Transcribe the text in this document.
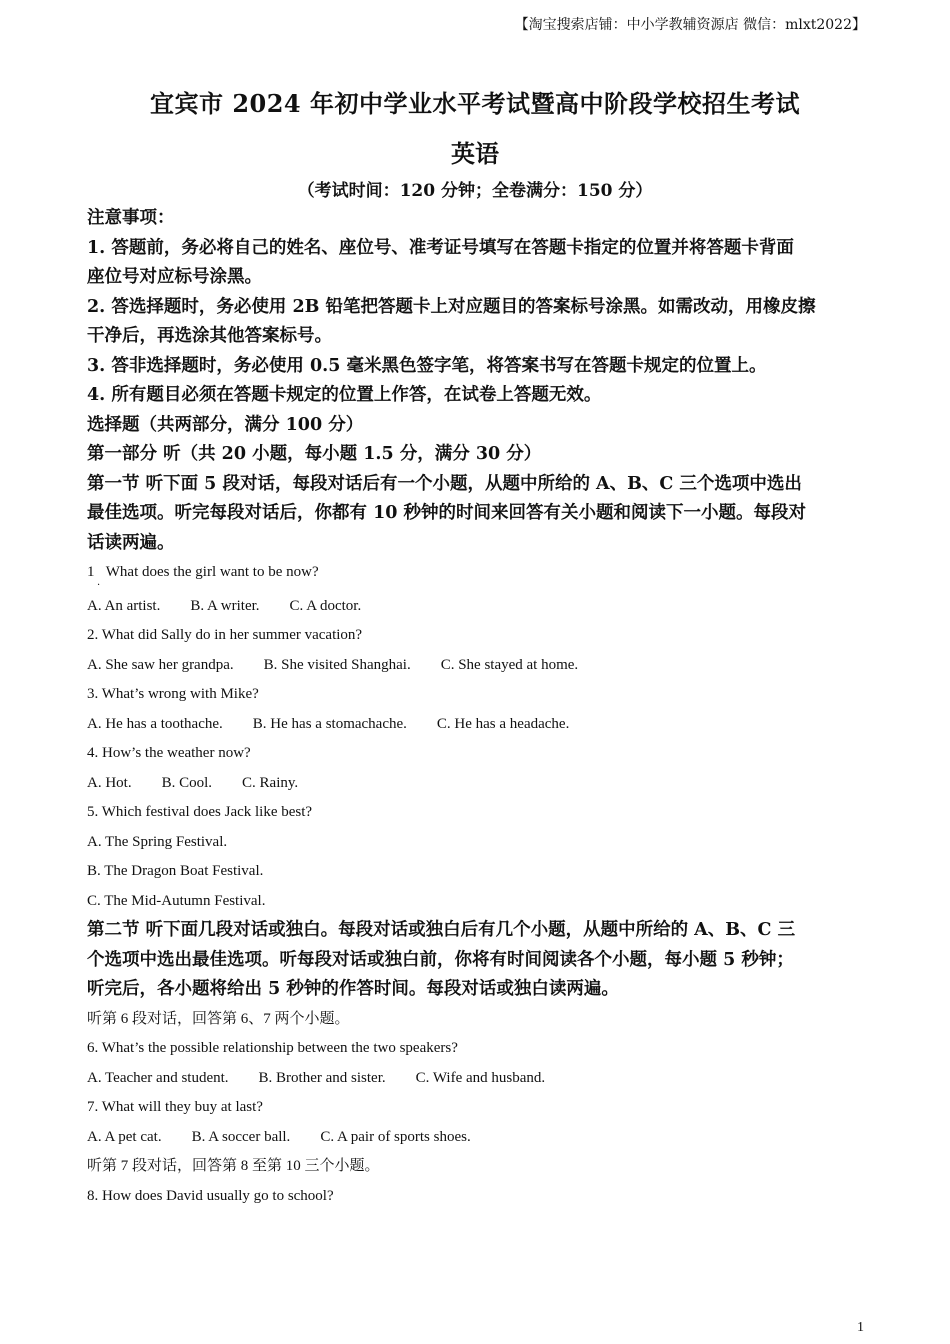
【淘宝搜索店铺：中小学教辅资源店 微信：mlxt2022】
宜宾市 2024 年初中学业水平考试暨高中阶段学校招生考试
英语
（考试时间：120 分钟；全卷满分：150 分）

注意事项：

1. 答题前，务必将自己的姓名、座位号、准考证号填写在答题卡指定的位置并将答题卡背面

座位号对应标号涂黑。

2. 答选择题时，务必使用 2B 铅笔把答题卡上对应题目的答案标号涂黑。如需改动，用橡皮擦

干净后，再选涂其他答案标号。

3. 答非选择题时，务必使用 0.5 毫米黑色签字笔，将答案书写在答题卡规定的位置上。

4. 所有题目必须在答题卡规定的位置上作答，在试卷上答题无效。

选择题（共两部分，满分 100 分）

第一部分 听（共 20 小题，每小题 1.5 分，满分 30 分）

第一节 听下面 5 段对话，每段对话后有一个小题，从题中所给的 A、B、C 三个选项中选出

最佳选项。听完每段对话后，你都有 10 秒钟的时间来回答有关小题和阅读下一小题。每段对

话读两遍。

1 What does the girl want to be now?

·

A. An artist. B. A writer. C. A doctor.

2. What did Sally do in her summer vacation?

A. She saw her grandpa. B. She visited Shanghai. C. She stayed at home.

3. What’s wrong with Mike?

A. He has a toothache. B. He has a stomachache. C. He has a headache.

4. How’s the weather now?

A. Hot. B. Cool. C. Rainy.

5. Which festival does Jack like best?

A. The Spring Festival.

B. The Dragon Boat Festival.

C. The Mid-Autumn Festival.

第二节 听下面几段对话或独白。每段对话或独白后有几个小题，从题中所给的 A、B、C 三

个选项中选出最佳选项。听每段对话或独白前，你将有时间阅读各个小题，每小题 5 秒钟；

听完后，各小题将给出 5 秒钟的作答时间。每段对话或独白读两遍。

听第 6 段对话，回答第 6、7 两个小题。

6. What’s the possible relationship between the two speakers?

A. Teacher and student. B. Brother and sister. C. Wife and husband.

7. What will they buy at last?

A. A pet cat. B. A soccer ball. C. A pair of sports shoes.

听第 7 段对话，回答第 8 至第 10 三个小题。

8. How does David usually go to school?

1
